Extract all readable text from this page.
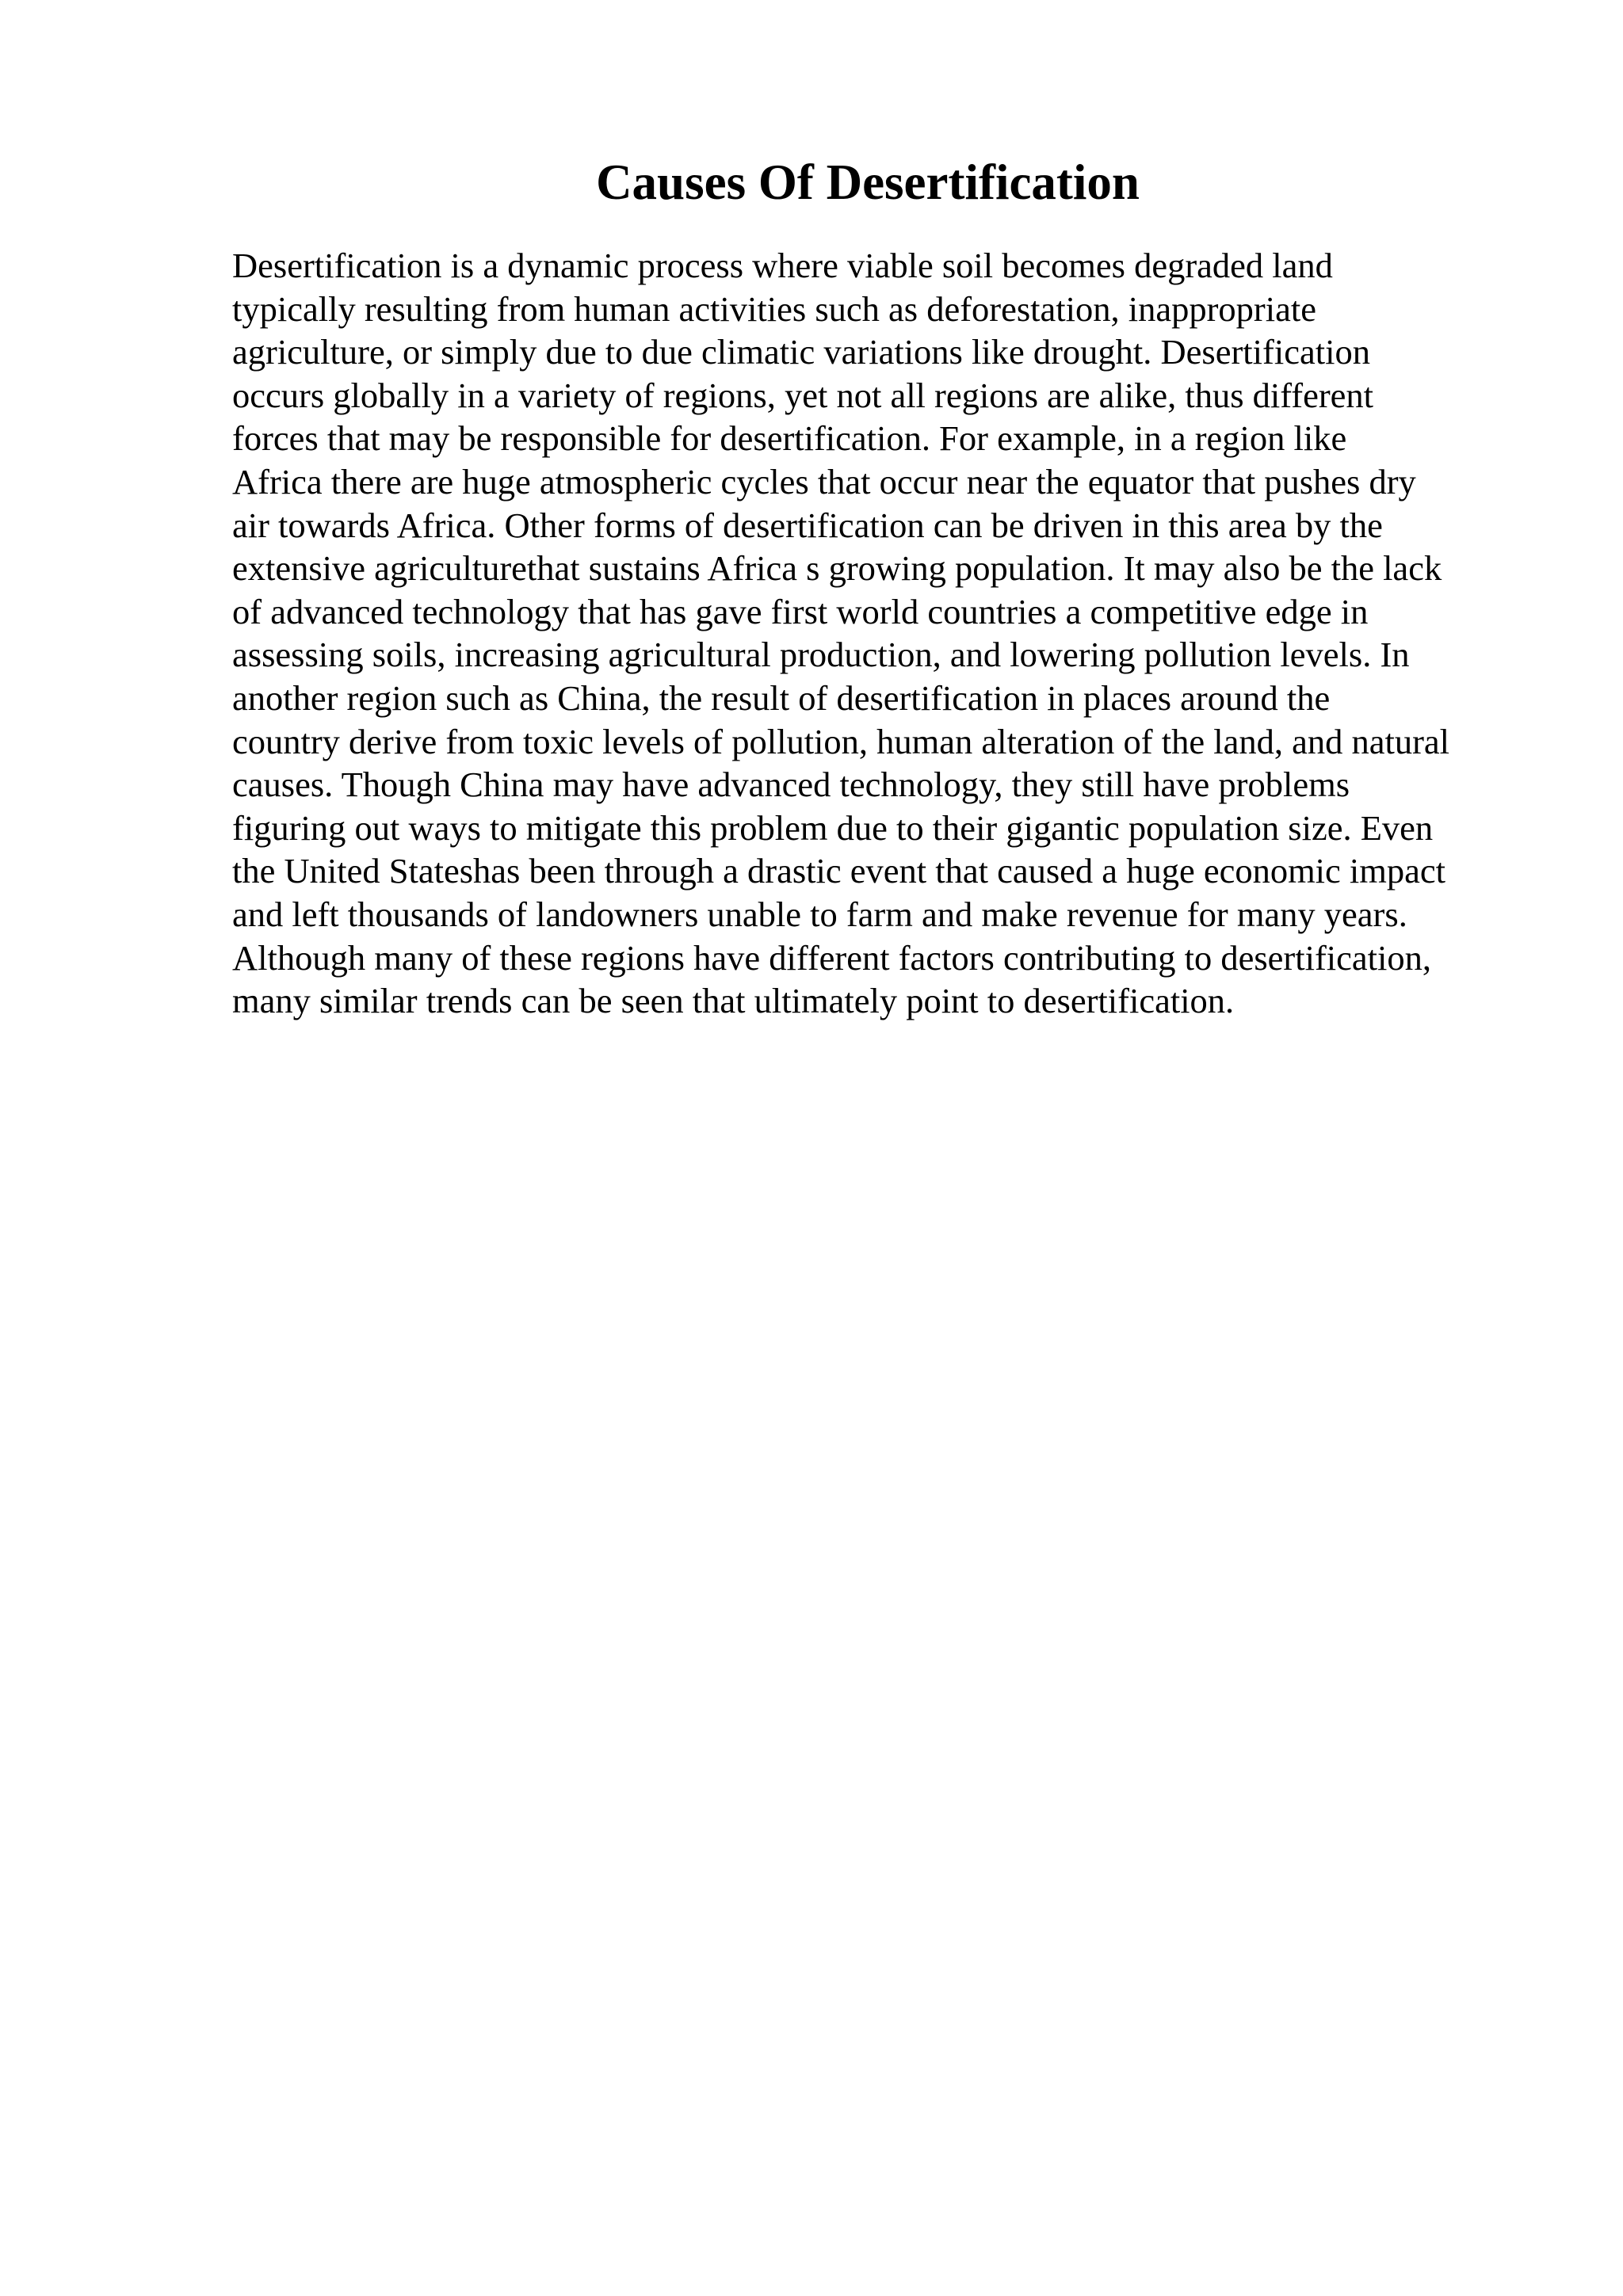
Causes Of Desertification
Desertification is a dynamic process where viable soil becomes degraded land
typically resulting from human activities such as deforestation, inappropriate
agriculture, or simply due to due climatic variations like drought. Desertification
occurs globally in a variety of regions, yet not all regions are alike, thus different
forces that may be responsible for desertification. For example, in a region like
Africa there are huge atmospheric cycles that occur near the equator that pushes dry
air towards Africa. Other forms of desertification can be driven in this area by the
extensive agriculturethat sustains Africa s growing population. It may also be the lack
of advanced technology that has gave first world countries a competitive edge in
assessing soils, increasing agricultural production, and lowering pollution levels. In
another region such as China, the result of desertification in places around the
country derive from toxic levels of pollution, human alteration of the land, and natural
causes. Though China may have advanced technology, they still have problems
figuring out ways to mitigate this problem due to their gigantic population size. Even
the United Stateshas been through a drastic event that caused a huge economic impact
and left thousands of landowners unable to farm and make revenue for many years.
Although many of these regions have different factors contributing to desertification,
many similar trends can be seen that ultimately point to desertification.
